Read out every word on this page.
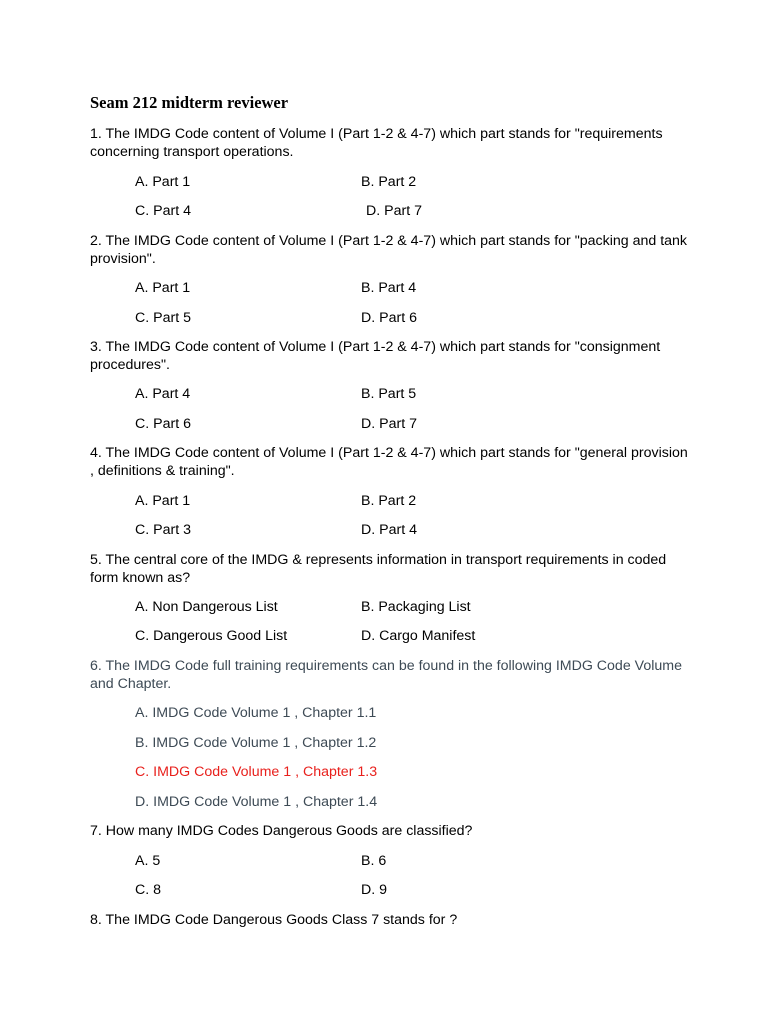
Seam 212 midterm reviewer
1. The IMDG Code content of Volume I (Part 1-2 & 4-7) which part stands for "requirements concerning transport operations.
A. Part 1	B. Part 2
C. Part 4	D. Part 7
2. The IMDG Code content of Volume I (Part 1-2 & 4-7) which part stands for "packing and tank provision".
A. Part 1	B. Part 4
C. Part 5	D. Part 6
3. The IMDG Code content of Volume I (Part 1-2 & 4-7) which part stands for "consignment procedures".
A. Part 4	B. Part 5
C. Part 6	D. Part 7
4. The IMDG Code content of Volume I (Part 1-2 & 4-7) which part stands for "general provision , definitions & training".
A. Part 1	B. Part 2
C. Part 3	D. Part 4
5. The central core of the IMDG & represents information in transport requirements in coded form known as?
A. Non Dangerous List	B. Packaging List
C. Dangerous Good List	D. Cargo Manifest
6. The IMDG Code full training requirements can be found in the following IMDG Code Volume and Chapter.
A. IMDG Code Volume 1 , Chapter 1.1
B. IMDG Code Volume 1 , Chapter 1.2
C. IMDG Code Volume 1 , Chapter 1.3
D. IMDG Code Volume 1 , Chapter 1.4
7. How many IMDG Codes Dangerous Goods are classified?
A. 5	B. 6
C. 8	D. 9
8. The IMDG Code Dangerous Goods Class 7 stands for ?
